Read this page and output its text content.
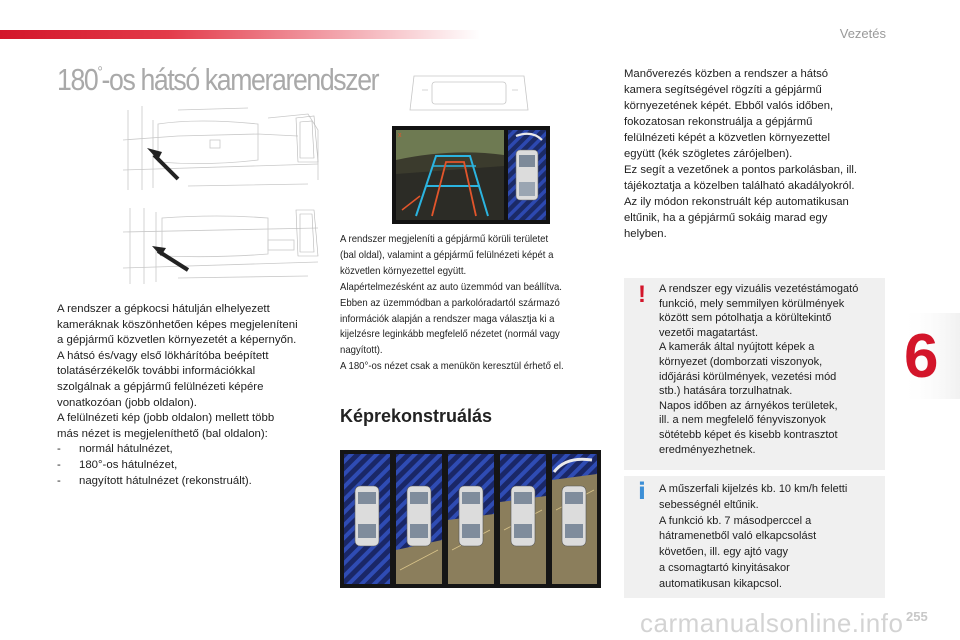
Vezetés
180°-os hátsó kamerarendszer

A rendszer a gépkocsi hátulján elhelyezett

kameráknak köszönhetően képes megjeleníteni

a gépjármű közvetlen környezetét a képernyőn.

A hátsó és/vagy első lökhárítóba beépített

tolatásérzékelők további információkkal

szolgálnak a gépjármű felülnézeti képére

vonatkozóan (jobb oldalon).

A felülnézeti kép (jobb oldalon) mellett több

más nézet is megjeleníthető (bal oldalon):

-	normál hátulnézet,
-	180°-os hátulnézet,
-	nagyított hátulnézet (rekonstruált).
x

A rendszer megjeleníti a gépjármű körüli területet

(bal oldal), valamint a gépjármű felülnézeti képét a

közvetlen környezettel együtt.

Alapértelmezésként az auto üzemmód van beállítva.

Ebben az üzemmódban a parkolóradartól származó

információk alapján a rendszer maga választja ki a

kijelzésre leginkább megfelelő nézetet (normál vagy

nagyított).

A 180°-os nézet csak a menükön keresztül érhető el.

Képrekonstruálás

Manőverezés közben a rendszer a hátsó

kamera segítségével rögzíti a gépjármű

környezetének képét. Ebből valós időben,

fokozatosan rekonstruálja a gépjármű

felülnézeti képét a közvetlen környezettel

együtt (kék szögletes zárójelben).

Ez segít a vezetőnek a pontos parkolásban, ill.

tájékoztatja a közelben található akadályokról.

Az ily módon rekonstruált kép automatikusan

eltűnik, ha a gépjármű sokáig marad egy

helyben.

!	A rendszer egy vizuális vezetéstámogató

funkció, mely semmilyen körülmények

között sem pótolhatja a körültekintő

vezetői magatartást.

A kamerák által nyújtott képek a

környezet (domborzati viszonyok,

időjárási körülmények, vezetési mód

stb.) hatására torzulhatnak.

Napos időben az árnyékos területek,

ill. a nem megfelelő fényviszonyok

sötétebb képet és kisebb kontrasztot

eredményezhetnek.

i	A műszerfali kijelzés kb. 10 km/h feletti

sebességnél eltűnik.

A funkció kb. 7 másodperccel a

hátramenetből való elkapcsolást

követően, ill. egy ajtó vagy

a csomagtartó kinyitásakor

automatikusan kikapcsol.

6
carmanualsonline.info 255
